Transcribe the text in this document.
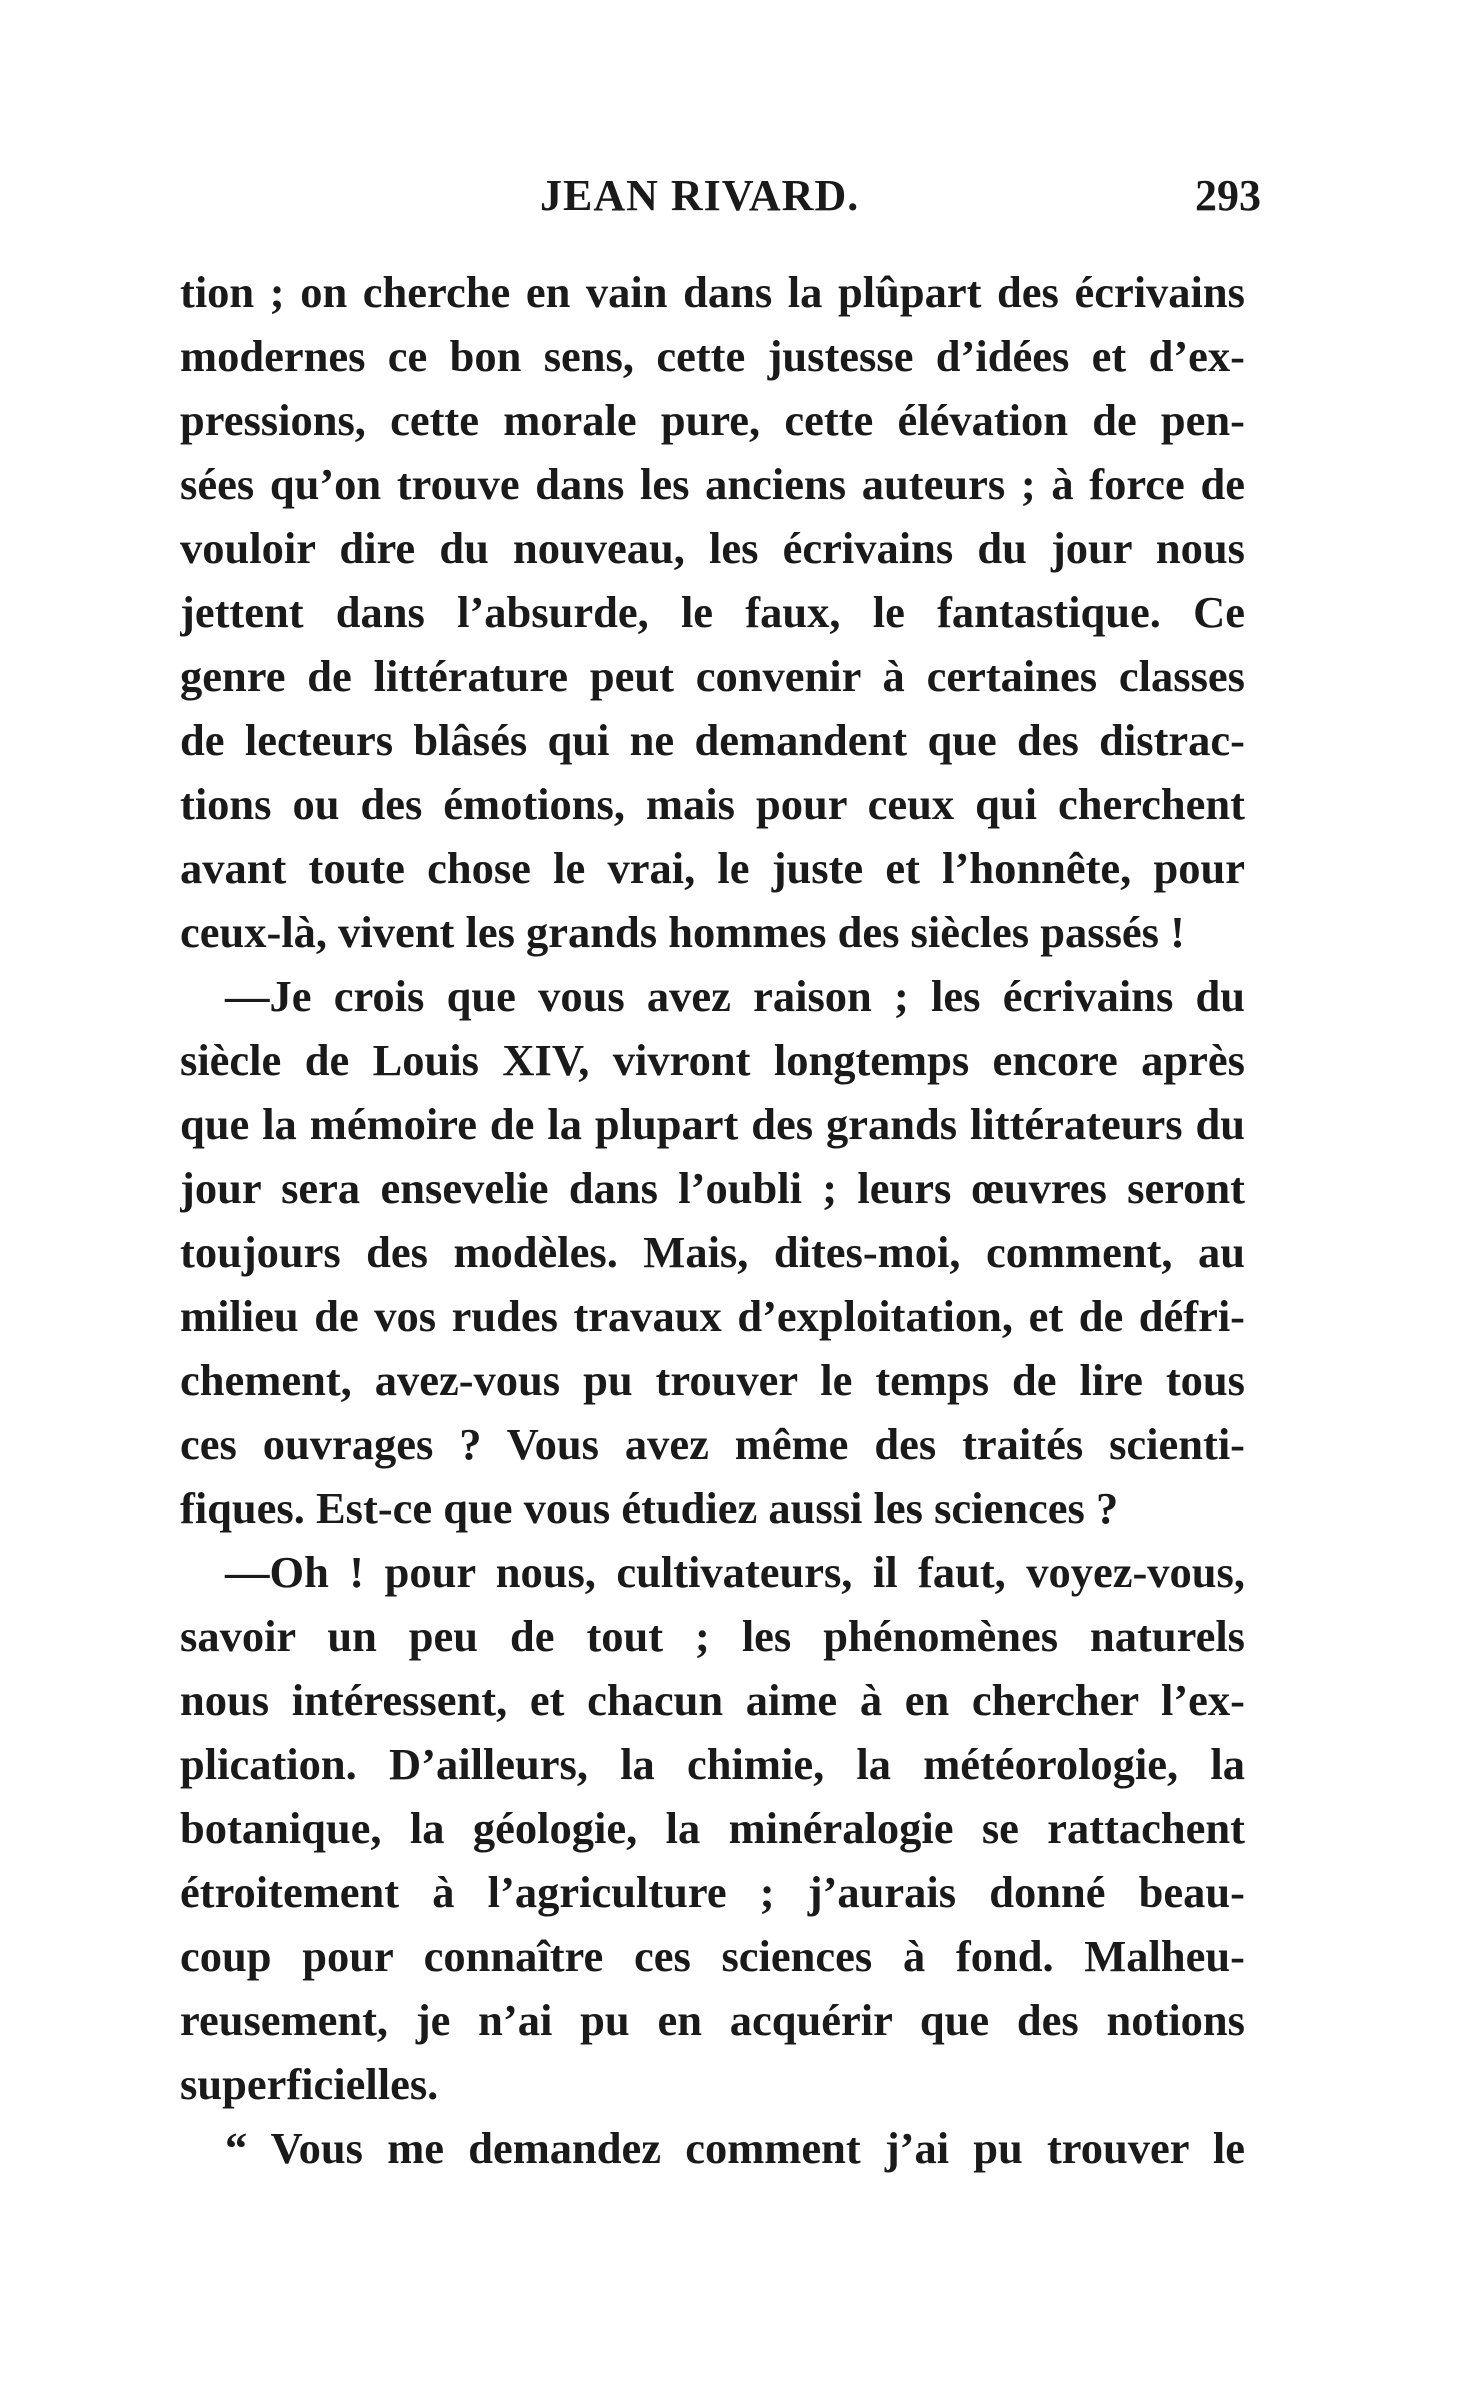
JEAN RIVARD.	293
tion ; on cherche en vain dans la plûpart des écrivains
modernes ce bon sens, cette justesse d’idées et d’ex-
pressions, cette morale pure, cette élévation de pen-
sées qu’on trouve dans les anciens auteurs ; à force de
vouloir dire du nouveau, les écrivains du jour nous
jettent dans l’absurde, le faux, le fantastique. Ce
genre de littérature peut convenir à certaines classes
de lecteurs blâsés qui ne demandent que des distrac-
tions ou des émotions, mais pour ceux qui cherchent
avant toute chose le vrai, le juste et l’honnête, pour
ceux-là, vivent les grands hommes des siècles passés !
—Je crois que vous avez raison ; les écrivains du
siècle de Louis XIV, vivront longtemps encore après
que la mémoire de la plupart des grands littérateurs du
jour sera ensevelie dans l’oubli ; leurs œuvres seront
toujours des modèles. Mais, dites-moi, comment, au
milieu de vos rudes travaux d’exploitation, et de défri-
chement, avez-vous pu trouver le temps de lire tous
ces ouvrages ? Vous avez même des traités scienti-
fiques. Est-ce que vous étudiez aussi les sciences ?
—Oh ! pour nous, cultivateurs, il faut, voyez-vous,
savoir un peu de tout ; les phénomènes naturels
nous intéressent, et chacun aime à en chercher l’ex-
plication. D’ailleurs, la chimie, la météorologie, la
botanique, la géologie, la minéralogie se rattachent
étroitement à l’agriculture ; j’aurais donné beau-
coup pour connaître ces sciences à fond. Malheu-
reusement, je n’ai pu en acquérir que des notions
superficielles.
“ Vous me demandez comment j’ai pu trouver le
